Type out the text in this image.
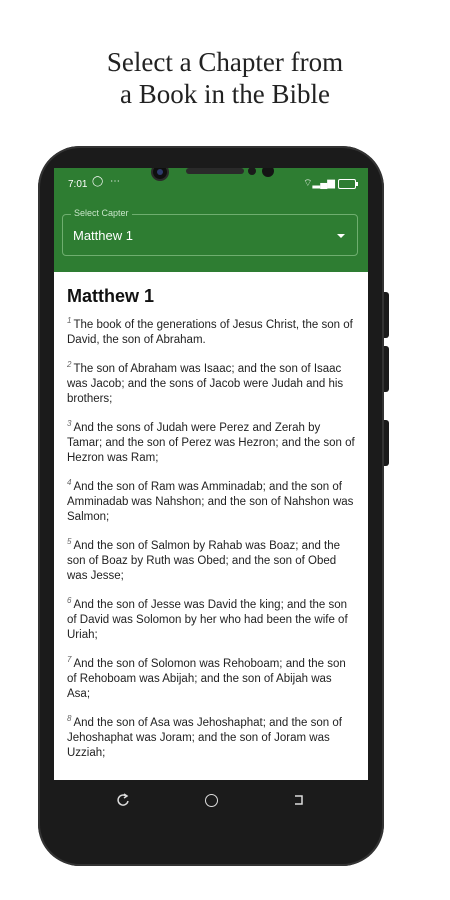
Select a Chapter from
a Book in the Bible
7:01 ◯ ⋯	⌔▂▄▆
Select Capter
Matthew 1
Matthew 1

$^1$ The book of the generations of Jesus Christ, the son of David, the son of Abraham.

$^2$ The son of Abraham was Isaac; and the son of Isaac was Jacob; and the sons of Jacob were Judah and his brothers;

$^3$ And the sons of Judah were Perez and Zerah by Tamar; and the son of Perez was Hezron; and the son of Hezron was Ram;

$^4$ And the son of Ram was Amminadab; and the son of Amminadab was Nahshon; and the son of Nahshon was Salmon;

$^5$ And the son of Salmon by Rahab was Boaz; and the son of Boaz by Ruth was Obed; and the son of Obed was Jesse;

$^6$ And the son of Jesse was David the king; and the son of David was Solomon by her who had been the wife of Uriah;

$^7$ And the son of Solomon was Rehoboam; and the son of Rehoboam was Abijah; and the son of Abijah was Asa;

$^8$ And the son of Asa was Jehoshaphat; and the son of Jehoshaphat was Joram; and the son of Joram was Uzziah;
